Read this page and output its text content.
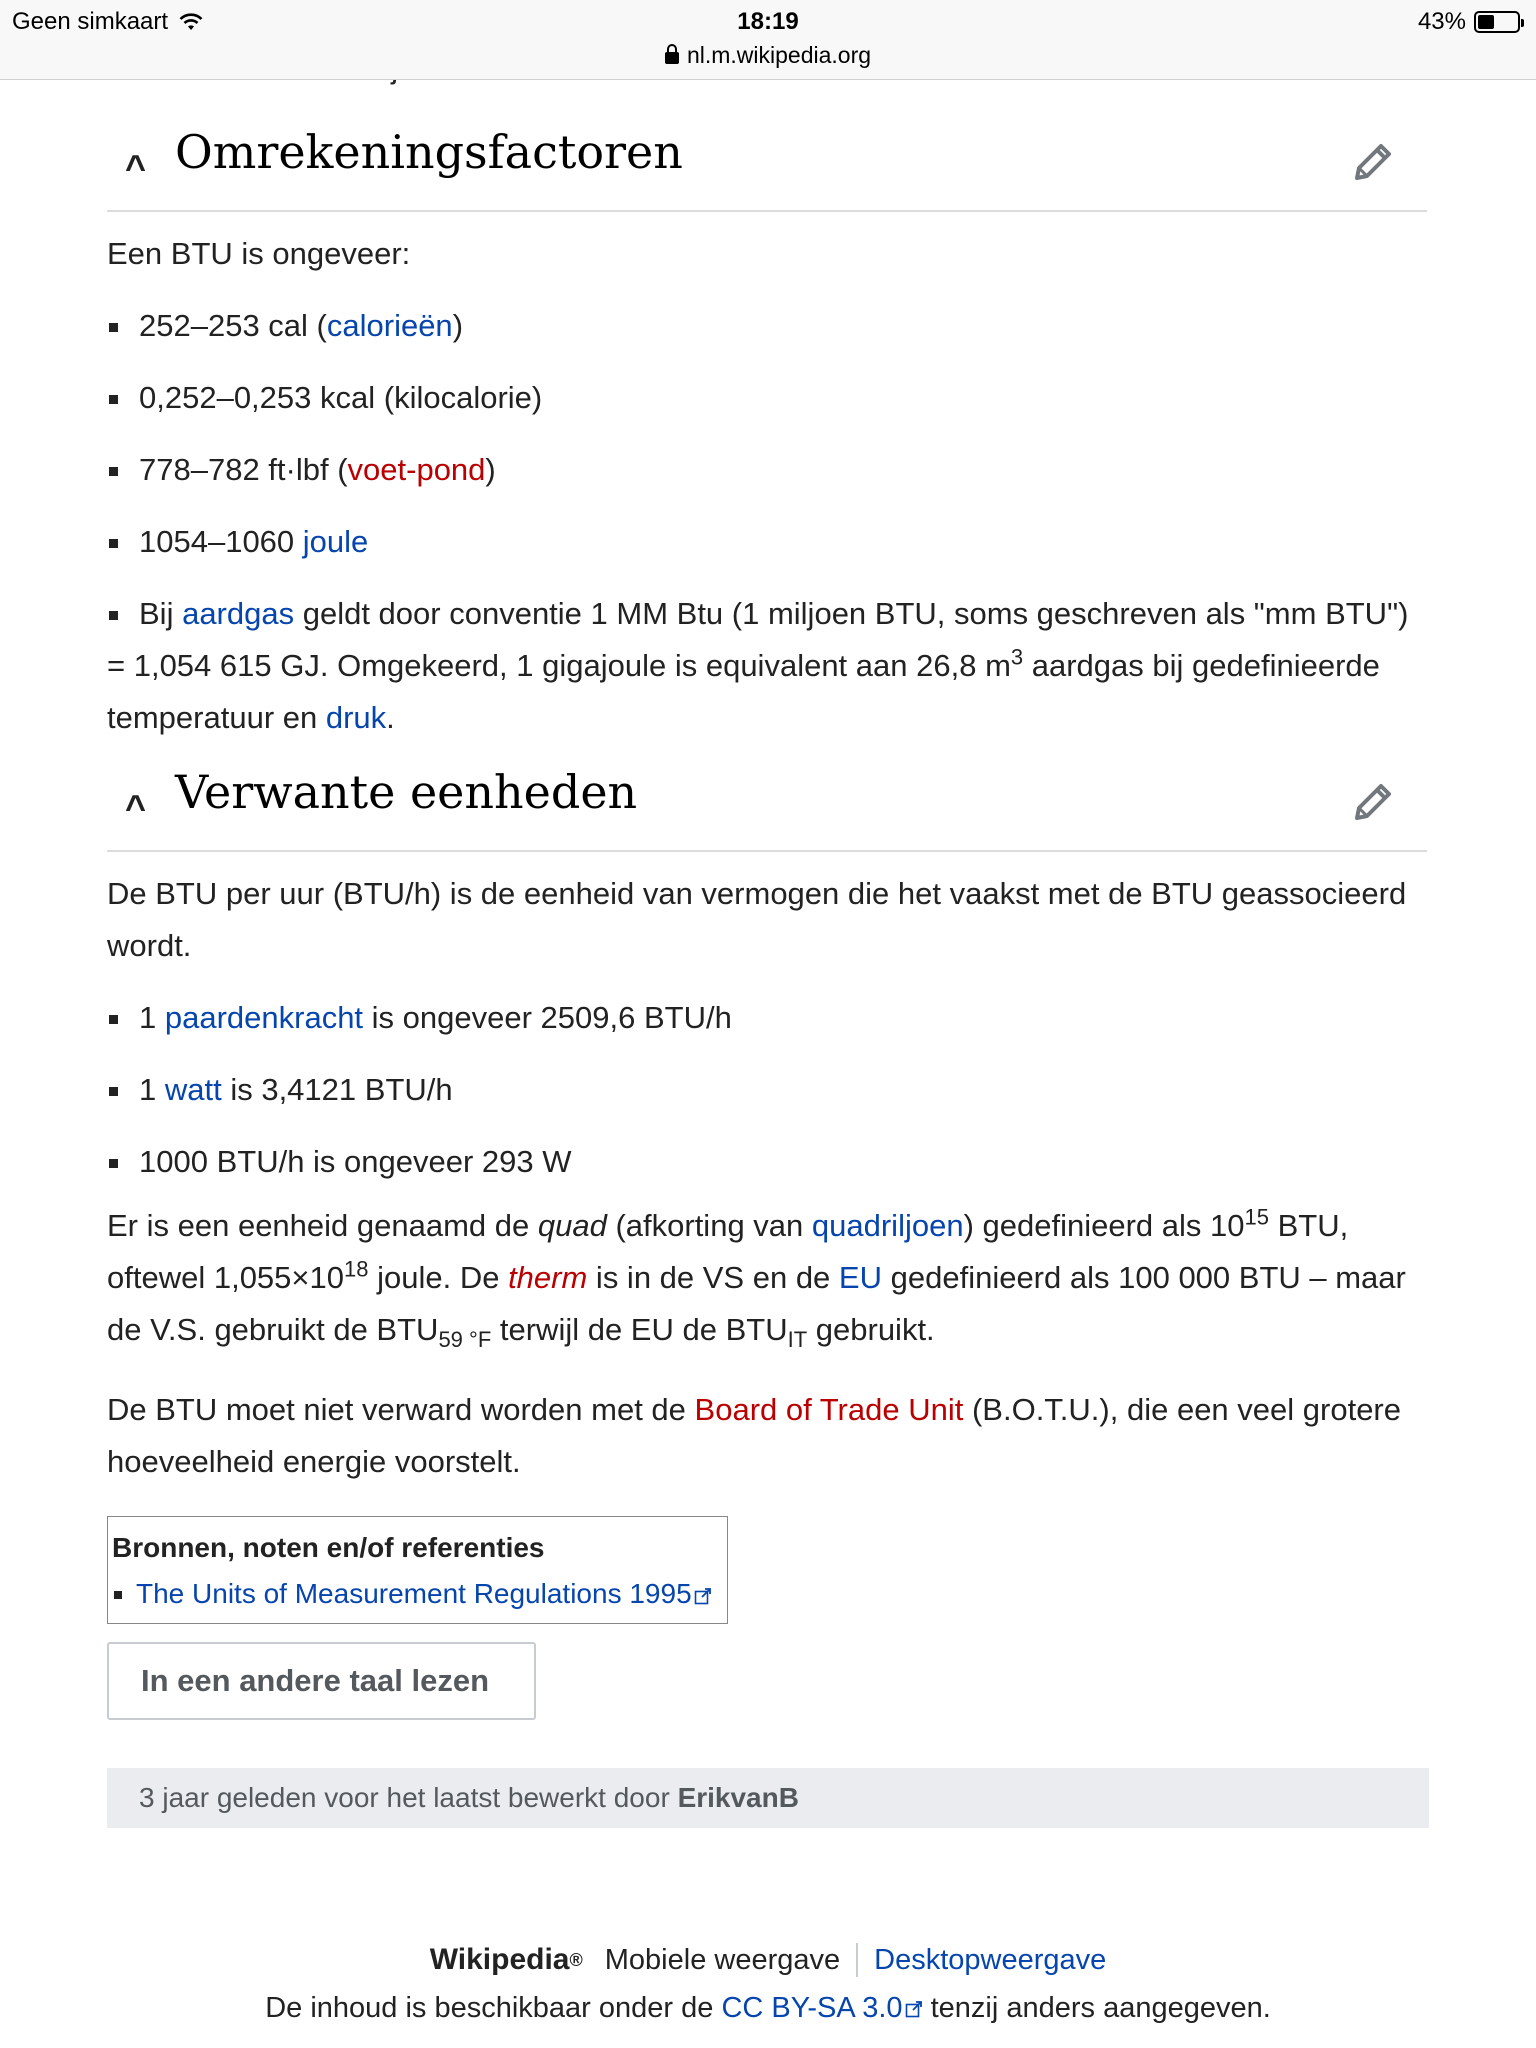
Geen simkaart	18:19
nl.m.wikipedia.org
43%
^ Omrekeningsfactoren

Een BTU is ongeveer:

252–253 cal (calorieën)
0,252–0,253 kcal (kilocalorie)
778–782 ft·lbf (voet-pond)
1054–1060 joule
Bij aardgas geldt door conventie 1 MM Btu (1 miljoen BTU, soms geschreven als "mm BTU") = 1,054 615 GJ. Omgekeerd, 1 gigajoule is equivalent aan 26,8 $m^3$ aardgas bij gedefinieerde temperatuur en druk.
^ Verwante eenheden

De BTU per uur (BTU/h) is de eenheid van vermogen die het vaakst met de BTU geassocieerd wordt.

1 paardenkracht is ongeveer 2509,6 BTU/h
1 watt is 3,4121 BTU/h
1000 BTU/h is ongeveer 293 W

Er is een eenheid genaamd de quad (afkorting van quadriljoen) gedefinieerd als $10^{15}$ BTU, oftewel $1,055\times 10^{18}$ joule. De therm is in de VS en de EU gedefinieerd als 100 000 BTU – maar de V.S. gebruikt de $BTU_{59 ^\circ F}$ terwijl de EU de $BTU_{IT}$ gebruikt.

De BTU moet niet verward worden met de Board of Trade Unit (B.O.T.U.), die een veel grotere hoeveelheid energie voorstelt.

Bronnen, noten en/of referenties
The Units of Measurement Regulations 1995
In een andere taal lezen
3 jaar geleden voor het laatst bewerkt door ErikvanB
Wikipedia ® Mobiele weergave Desktopweergave
De inhoud is beschikbaar onder de CC BY-SA 3.0 tenzij anders aangegeven.
